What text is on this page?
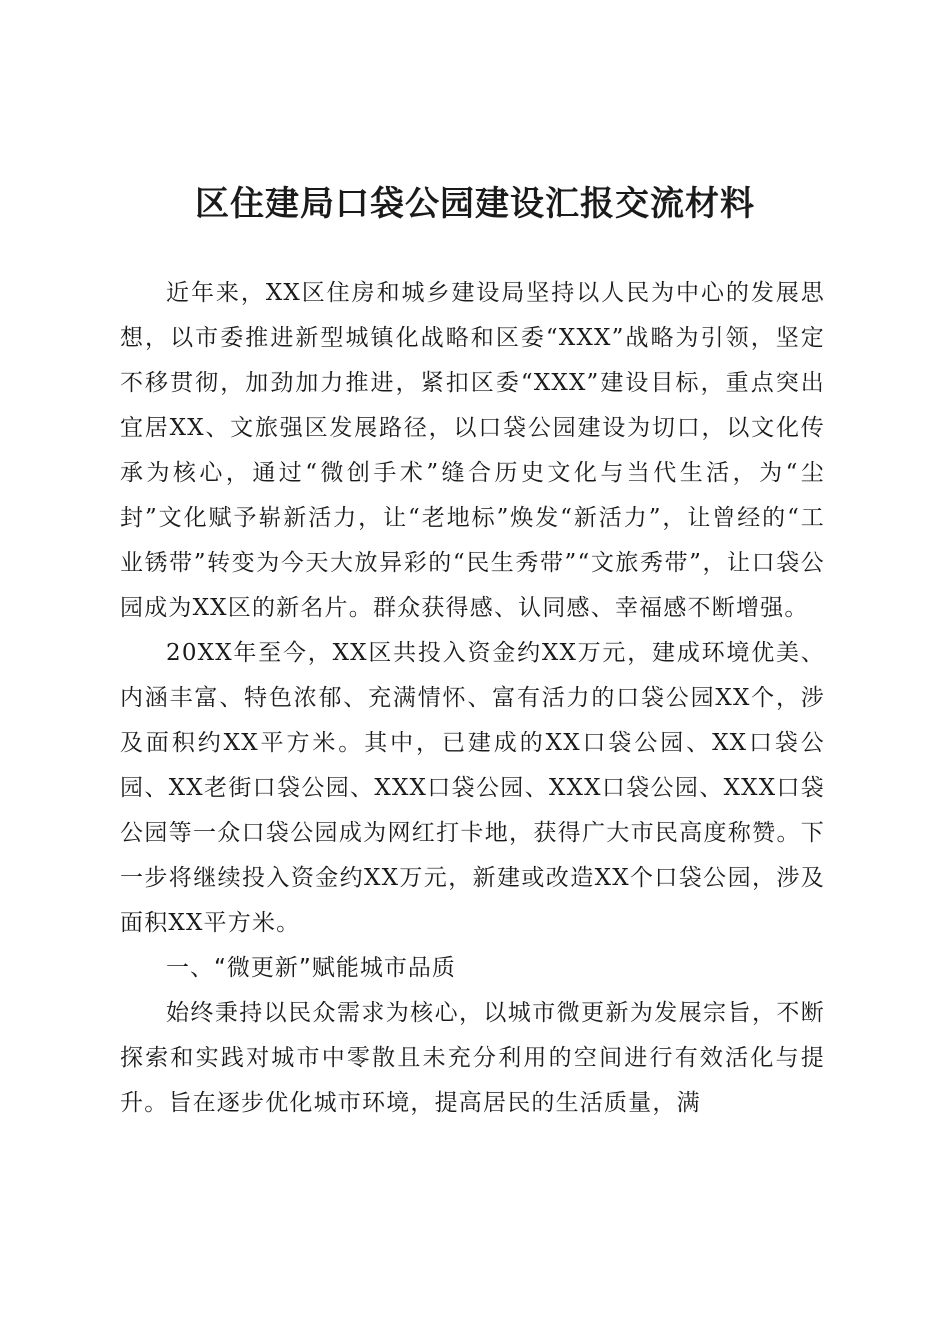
区住建局口袋公园建设汇报交流材料

近年来，XX区住房和城乡建设局坚持以人民为中心的发展思想，以市委推进新型城镇化战略和区委“XXX”战略为引领，坚定不移贯彻，加劲加力推进，紧扣区委“XXX”建设目标，重点突出宜居XX、文旅强区发展路径，以口袋公园建设为切口，以文化传承为核心，通过“微创手术”缝合历史文化与当代生活，为“尘封”文化赋予崭新活力，让“老地标”焕发“新活力”，让曾经的“工业锈带”转变为今天大放异彩的“民生秀带”“文旅秀带”，让口袋公园成为XX区的新名片。群众获得感、认同感、幸福感不断增强。

20XX年至今，XX区共投入资金约XX万元，建成环境优美、内涵丰富、特色浓郁、充满情怀、富有活力的口袋公园XX个，涉及面积约XX平方米。其中，已建成的XX口袋公园、XX口袋公园、XX老街口袋公园、XXX口袋公园、XXX口袋公园、XXX口袋公园等一众口袋公园成为网红打卡地，获得广大市民高度称赞。下一步将继续投入资金约XX万元，新建或改造XX个口袋公园，涉及面积XX平方米。

一、“微更新”赋能城市品质

始终秉持以民众需求为核心，以城市微更新为发展宗旨，不断探索和实践对城市中零散且未充分利用的空间进行有效活化与提升。旨在逐步优化城市环境，提高居民的生活质量，满
